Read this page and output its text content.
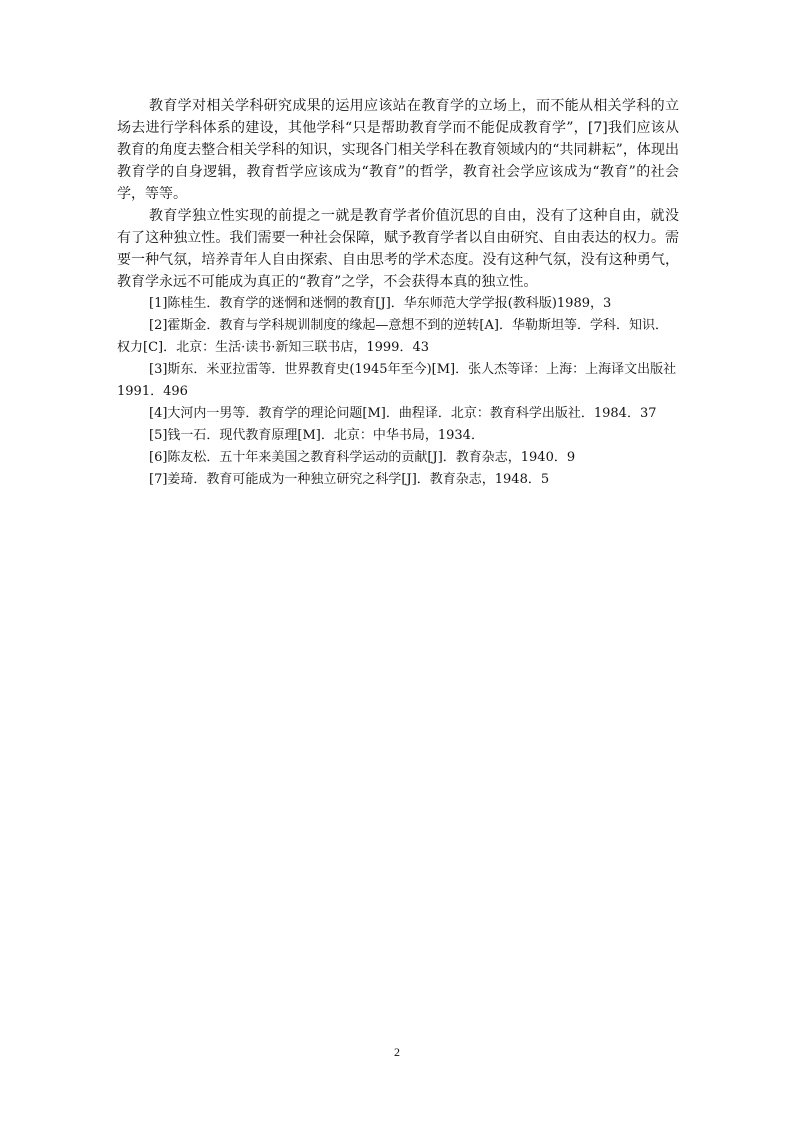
教育学对相关学科研究成果的运用应该站在教育学的立场上，而不能从相关学科的立场去进行学科体系的建设，其他学科“只是帮助教育学而不能促成教育学”，[7]我们应该从教育的角度去整合相关学科的知识，实现各门相关学科在教育领域内的“共同耕耘”，体现出教育学的自身逻辑，教育哲学应该成为“教育”的哲学，教育社会学应该成为“教育”的社会学，等等。

教育学独立性实现的前提之一就是教育学者价值沉思的自由，没有了这种自由，就没有了这种独立性。我们需要一种社会保障，赋予教育学者以自由研究、自由表达的权力。需要一种气氛，培养青年人自由探索、自由思考的学术态度。没有这种气氛，没有这种勇气，教育学永远不可能成为真正的“教育”之学，不会获得本真的独立性。

[1]陈桂生．教育学的迷惘和迷惘的教育[J]．华东师范大学学报(教科版)1989，3

[2]霍斯金．教育与学科规训制度的缘起—意想不到的逆转[A]．华勒斯坦等．学科．知识．权力[C]．北京：生活·读书·新知三联书店，1999．43

[3]斯东．米亚拉雷等．世界教育史(1945年至今)[M]．张人杰等译：上海：上海译文出版社 1991．496

[4]大河内一男等．教育学的理论问题[M]．曲程译．北京：教育科学出版社．1984．37

[5]钱一石．现代教育原理[M]．北京：中华书局，1934．

[6]陈友松．五十年来美国之教育科学运动的贡献[J]．教育杂志，1940．9

[7]姜琦．教育可能成为一种独立研究之科学[J]．教育杂志，1948．5

2
